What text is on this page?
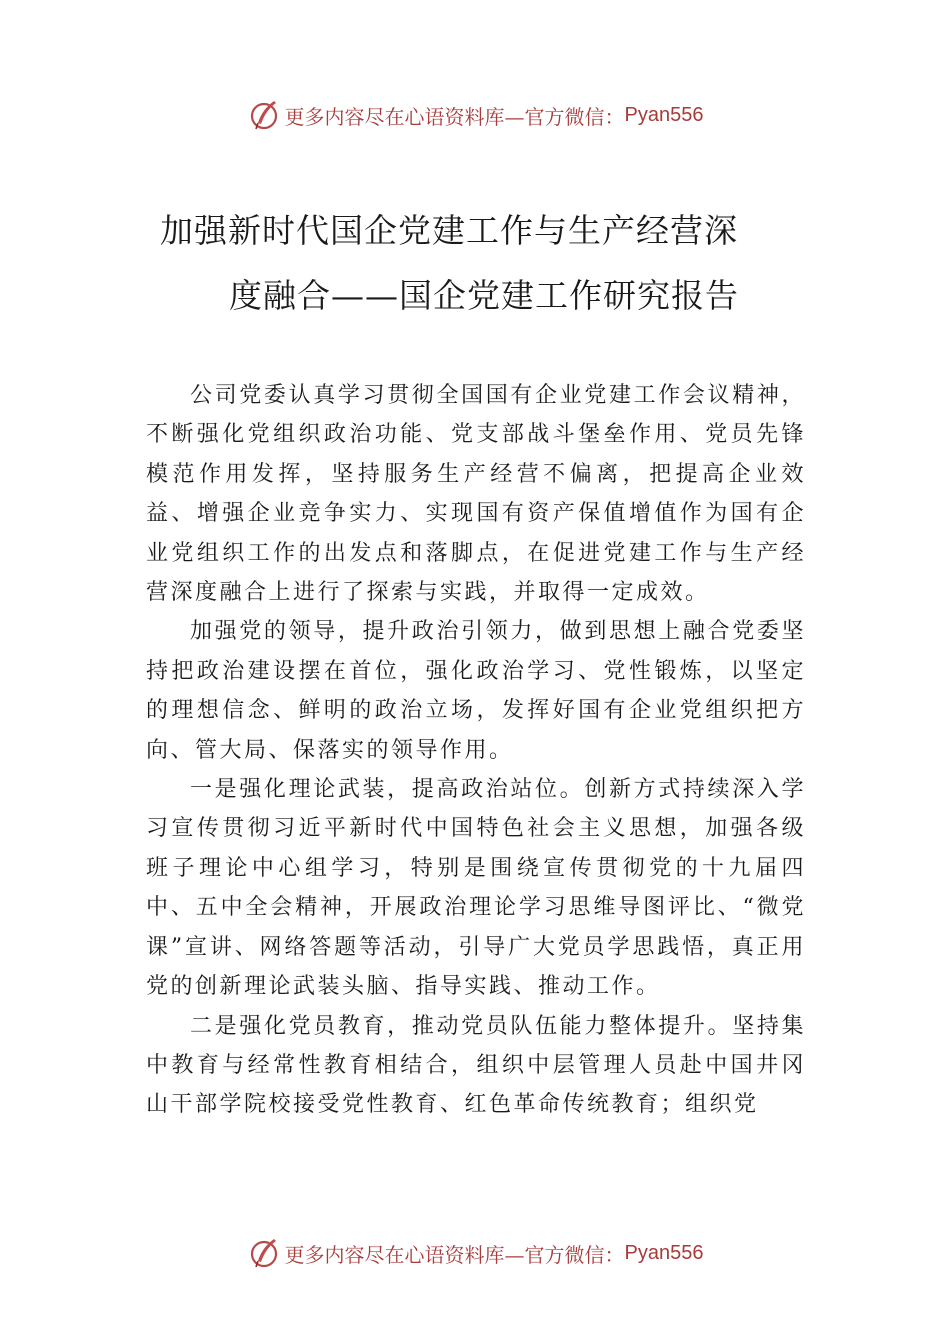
更多内容尽在心语资料库—官方微信： Pyan556
加强新时代国企党建工作与生产经营深
度融合——国企党建工作研究报告

公司党委认真学习贯彻全国国有企业党建工作会议精神，不断强化党组织政治功能、党支部战斗堡垒作用、党员先锋模范作用发挥，坚持服务生产经营不偏离，把提高企业效益、增强企业竞争实力、实现国有资产保值增值作为国有企业党组织工作的出发点和落脚点，在促进党建工作与生产经营深度融合上进行了探索与实践，并取得一定成效。

加强党的领导，提升政治引领力，做到思想上融合党委坚持把政治建设摆在首位，强化政治学习、党性锻炼，以坚定的理想信念、鲜明的政治立场，发挥好国有企业党组织把方向、管大局、保落实的领导作用。

一是强化理论武装，提高政治站位。创新方式持续深入学习宣传贯彻习近平新时代中国特色社会主义思想，加强各级班子理论中心组学习，特别是围绕宣传贯彻党的十九届四中、五中全会精神，开展政治理论学习思维导图评比、“微党课”宣讲、网络答题等活动，引导广大党员学思践悟，真正用党的创新理论武装头脑、指导实践、推动工作。

二是强化党员教育，推动党员队伍能力整体提升。坚持集中教育与经常性教育相结合，组织中层管理人员赴中国井冈山干部学院校接受党性教育、红色革命传统教育；组织党

更多内容尽在心语资料库—官方微信： Pyan556
